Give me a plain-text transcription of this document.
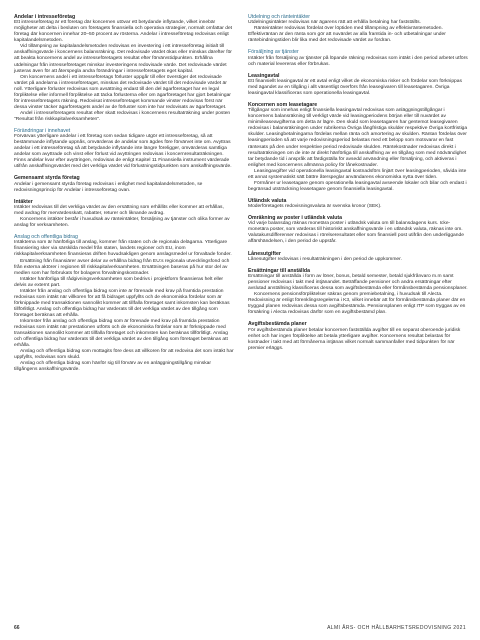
Andelar i intresseföretag

Ett intresseföretag är ett företag där koncernen utövar ett betydande inflytande, vilket innebär möjligheter att delta i besluten om företagets finansiella och operativa strategier, normalt omfattar det företag där koncernen innehar 20–50 procent av rösterna. Andelar i intresseföretag redovisas enligt kapitalandelsmetoden.

Vid tillämpning av kapitalandelsmetoden redovisas en investering i ett intresseföretag initialt till anskaffningsvärde i koncernens balansräkning. Det redovisade värdet ökas eller minskas därefter för att beakta koncernens andel av intresseföretagets resultat efter förvärvstidpunkten. Erhållna utdelningar från intresseföretaget minskar investeringens redovisade värde. Det redovisade värdet justeras även för att återspegla andra förändringar i intresseföretagets eget kapital.

Om koncernens andel i ett intresseföretags förluster uppgår till eller överstiger det redovisade värdet på andelarna i intresseföretaget, minskas det redovisade värdet till det redovisade värdet är noll. Ytterligare förluster redovisas som avsättning endast till den del ägarföretaget har en legal förpliktelse eller informell förpliktelse att täcka förlusterna eller om ägarföretaget har gjort betalningar för intresseföretagets räkning. Redovisat intresseföretaget kommande vinster redovisas först när dessa vinster täcker ägarföretagets andel av de förluster som inte har redovisats av ägarföretaget.

Andel i intresseföretagets resultat efter skatt redovisas i koncernens resultaträkning under posten "Resultat från riskkapitalverksamheten".

Förändringar i innehavet

Förvärvas ytterligare andelar i ett företag som sedan tidigare utgör ett intresseföretag, så att bestämmande inflytande uppnås, omvärderas de andelar som ägdes före förvärvet inte om. Avyttras andelar i ett intresseföretag så att betydande inflytande inte längre föreligger, omvärderas samtliga andelar som avyttrade och vinst eller förlust vid avyttringen redovisas i koncernresultaträkningen. Finns andelar kvar efter avyttringen, redovisas de enligt Kapitel 11 Finansiella instrument värderade utifrån anskaffningsvärdet med det verkliga värdet vid förlustningstidpunkten som anskaffningsvärde.

Gemensamt styrda företag

Andelar i gemensamt styrda företag redovisas i enlighet med kapitalandelsmetoden, se redovisningsprincip för Andelar i intresseföretag ovan.

Intäkter

Intäkter redovisas till det verkliga värdet av den ersättning som erhållits eller kommer att erhållas, med avdrag för mervärdesskatt, rabatter, returer och liknande avdrag.

Koncernens intäkter består i huvudsak av ränteintäkter, försäljning av tjänster och olika former av anslag för verksamheten.

Anslag och offentliga bidrag

Intäkterna som är hänförliga till anslag, kommer från staten och de regionala delägarna. Ytterligare finansiering sker via särskilda medel från staten, landets regioner och EU, inom riskkapitalverksamheten finansieras driften huvudsakligen genom anslagsmedel ur förvaltade fonder.

Ersättning från finansiärer avser delar av erhållna bidrag från EU:s regionala utvecklingsfond och från externa aktörer i regionen till riskkapitalverksamheten. Ersättningen baseras på hur stor del av medlen som har förbrukats för bolagens förvaltningskostnader.

Intäkter hänförliga till rådgivningsverksamheten som bedrivs i projektform finansieras helt eller delvis av externt part.

Intäkter från anslag och offentliga bidrag som inte är förenade med krav på framtida prestation redovisas som intäkt när villkoren för att få bidraget uppfyllts och de ekonomiska fördelar som är förknippade med transaktionen sannolikt kommer att tillfalla företaget samt inkomsten kan beräknas tillförlitligt. Anslag och offentliga bidrag har värderats till det verkliga värdet av den tillgång som företaget beräknas att erhålla.

Inkomster från anslag och offentliga bidrag som är förenade med krav på framtida prestation redovisas som intäkt när prestationen utförts och de ekonomiska fördelar som är förknippade med transaktionen sannolikt kommer att tillfalla företaget och inkomsten kan beräknas tillförlitligt. Anslag och offentliga bidrag har värderats till det verkliga värdet av den tillgång som företaget beräknas att erhålla.

Anslag och offentliga bidrag som mottagits före dess att villkoren för att redovisa det som intäkt har uppfyllts, redovisas som skuld.

Anslag och offentliga bidrag som hänför sig till förvärv av en anläggningstillgång minskar tillgångens anskaffningsvärde.

Utdelning och ränteintäkter

Utdelningsintäkter redovisas när ägarens rätt att erhålla betalning har fastställts.

Ränteintäkter redovisas fördelat över löptiden med tillämpning av effektivräntemetoden. Effektivräntan är den ränta som gör att nuvärdet av alla framtida in- och utbetalningar under räntebindningstiden blir lika med det redovisade värdet av fordran.

Försäljning av tjänster

Intäkter från försäljning av tjänster på löpande räkning redovisas som intäkt i den period arbetet utförs och material levereras eller förbrukas.

Leasingavtal

Ett finansiellt leasingavtal är ett avtal enligt vilket de ekonomiska risker och fördelar som förknippas med ägandet av en tillgång i allt väsentligt överförs från leasegivaren till leasetagaren. Övriga leasingavtal klassificeras som operationella leasingavtal.

Koncernen som leasetagare

Tillgångar som innehas enligt finansiella leasingavtal redovisas som anläggningstillgångar i koncernens balansräkning till verkligt värde vid leasingperiodens början eller till nuvärdet av minimileaseavgifterna om detta är lägre. Den skuld som leasetagaren har gentemot leasegivaren redovisas i balansräkningen under rubrikerna Övriga långfristiga skulder respektive Övriga kortfristiga skulder. Leasingbetalningarna fördelas mellan ränta och amortering av skulden. Räntan fördelas över leasingperioden så att varje redovisningsperiod belastas med ett belopp som motsvarar en fast räntesats på den under respektive period redovisade skulden. Räntekostnader redovisas direkt i resultaträkningen om de inte är direkt hänförliga till anskaffning av en tillgång som med nödvändighet tar betydande tid i anspråk att färdigställa för avsedd användning eller försäljning, och aktiveras i enlighet med koncernens allmänna policy för lånekostnader.

Leasingavgifter vid operationella leasingavtal kostnadsförs linjärt över leasingperioden, såvida inte ett annat systematiskt sätt bättre återspeglar användarens ekonomiska nytta över tiden.

Förmåner ur leasetagare genom operationella leasingavtal avseende lokaler och bilar och endast i begränsad utsträckning leasetagare genom finansiella leasingavtal.

Utländsk valuta

Moderföretagets redovisningsvaluta är svenska kronor (SEK).

Omräkning av poster i utländsk valuta

Vid varje balansdag räknas monetära poster i utländsk valuta om till balansdagens kurs. Icke-monetära poster, som värderas till historiskt anskaffningsvärde i en utländsk valuta, räknas inte om. Valutakursdifferenser redovisas i rörelseresultatet eller som finansiell post utifrån den underliggande affärshändelsen, i den period de uppstår.

Lånesutgifter

Lånesutgifter redovisas i resultaträkningen i den period de uppkommer.

Ersättningar till anställda

Ersättningar till anställda i form av löner, bonus, betald semester, betald sjukfrånvaro m.m samt pensioner redovisas i takt med intjänandet. Beträffande pensioner och andra ersättningar efter avslutad anställning klassificeras dessa som avgiftsbestämda eller förmånsbestämda pensionsplaner.

Koncernens pensionsförpliktelser säkras genom premiebetalning, i huvudsak till Alecta. Redovisning är enligt förenklingsregelerna i K3, vilket innebär att för förmånsbestämda planer där en tryggad planen redovisas dessa som avgiftsbestämda. Pensionsplanen enligt ITP som tryggas av en försäkring i Alecta redovisas därför som en avgiftsbestämd plan.

Avgiftsbestämda planer

För avgiftsbestämda planer betalar koncernen fastställda avgifter till en separat oberoende juridisk enhet och har ingen förpliktelse att betala ytterligare avgifter. Koncernens resultat belastas för kostnader i takt med att förmånerna intjänas vilket normalt sammanfaller med tidpunkten för när premier erläggs.

66	ALMI ÅRS- OCH HÅLLBARHETSREDOVISNING 2021
